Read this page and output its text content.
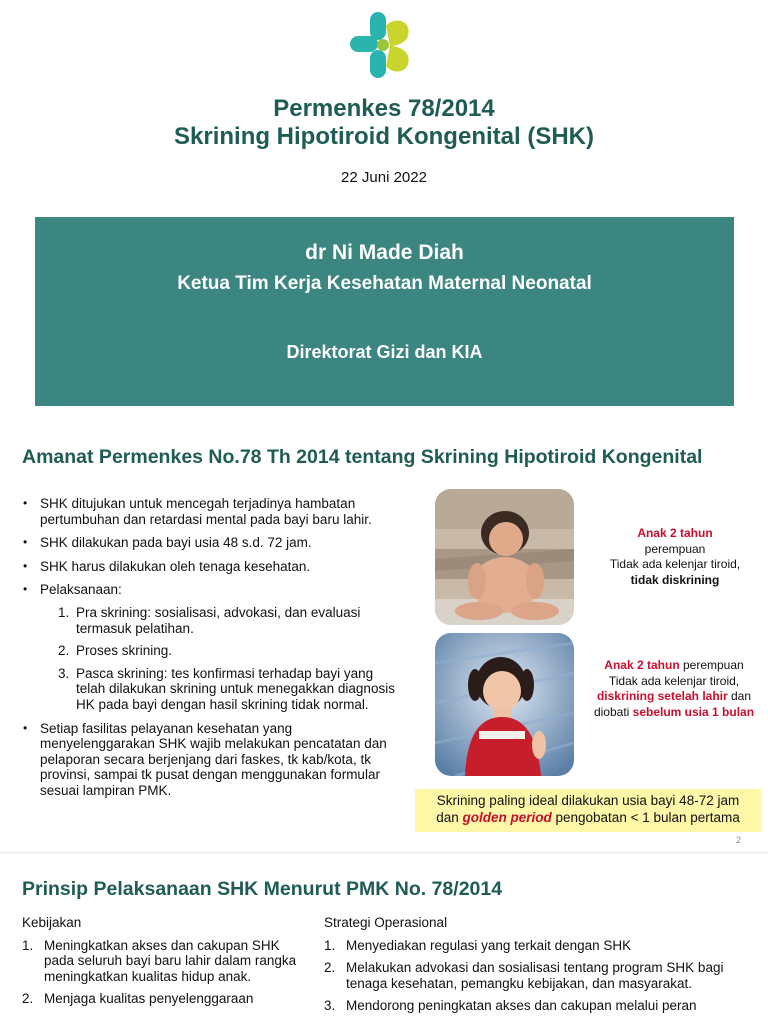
Permenkes 78/2014
Skrining Hipotiroid Kongenital (SHK)
22 Juni 2022
dr Ni Made Diah
Ketua Tim Kerja Kesehatan Maternal Neonatal
Direktorat Gizi dan KIA
Amanat Permenkes No.78 Th 2014 tentang Skrining Hipotiroid Kongenital
• SHK ditujukan untuk mencegah terjadinya hambatan pertumbuhan dan retardasi mental pada bayi baru lahir.
• SHK dilakukan pada bayi usia 48 s.d. 72 jam.
• SHK harus dilakukan oleh tenaga kesehatan.
• Pelaksanaan:
1. Pra skrining: sosialisasi, advokasi, dan evaluasi termasuk pelatihan.
2. Proses skrining.
3. Pasca skrining: tes konfirmasi terhadap bayi yang telah dilakukan skrining untuk menegakkan diagnosis HK pada bayi dengan hasil skrining tidak normal.
• Setiap fasilitas pelayanan kesehatan yang menyelenggarakan SHK wajib melakukan pencatatan dan pelaporan secara berjenjang dari faskes, tk kab/kota, tk provinsi, sampai tk pusat dengan menggunakan formular sesuai lampiran PMK.
Anak 2 tahun
perempuan
Tidak ada kelenjar tiroid,
tidak diskrining
Anak 2 tahun perempuan
Tidak ada kelenjar tiroid,
diskrining setelah lahir dan
diobati sebelum usia 1 bulan
Skrining paling ideal dilakukan usia bayi 48-72 jam
dan golden period pengobatan < 1 bulan pertama
2
Prinsip Pelaksanaan SHK Menurut PMK No. 78/2014
Kebijakan
1. Meningkatkan akses dan cakupan SHK pada seluruh bayi baru lahir dalam rangka meningkatkan kualitas hidup anak.
2. Menjaga kualitas penyelenggaraan
Strategi Operasional
1. Menyediakan regulasi yang terkait dengan SHK
2. Melakukan advokasi dan sosialisasi tentang program SHK bagi tenaga kesehatan, pemangku kebijakan, dan masyarakat.
3. Mendorong peningkatan akses dan cakupan melalui peran
